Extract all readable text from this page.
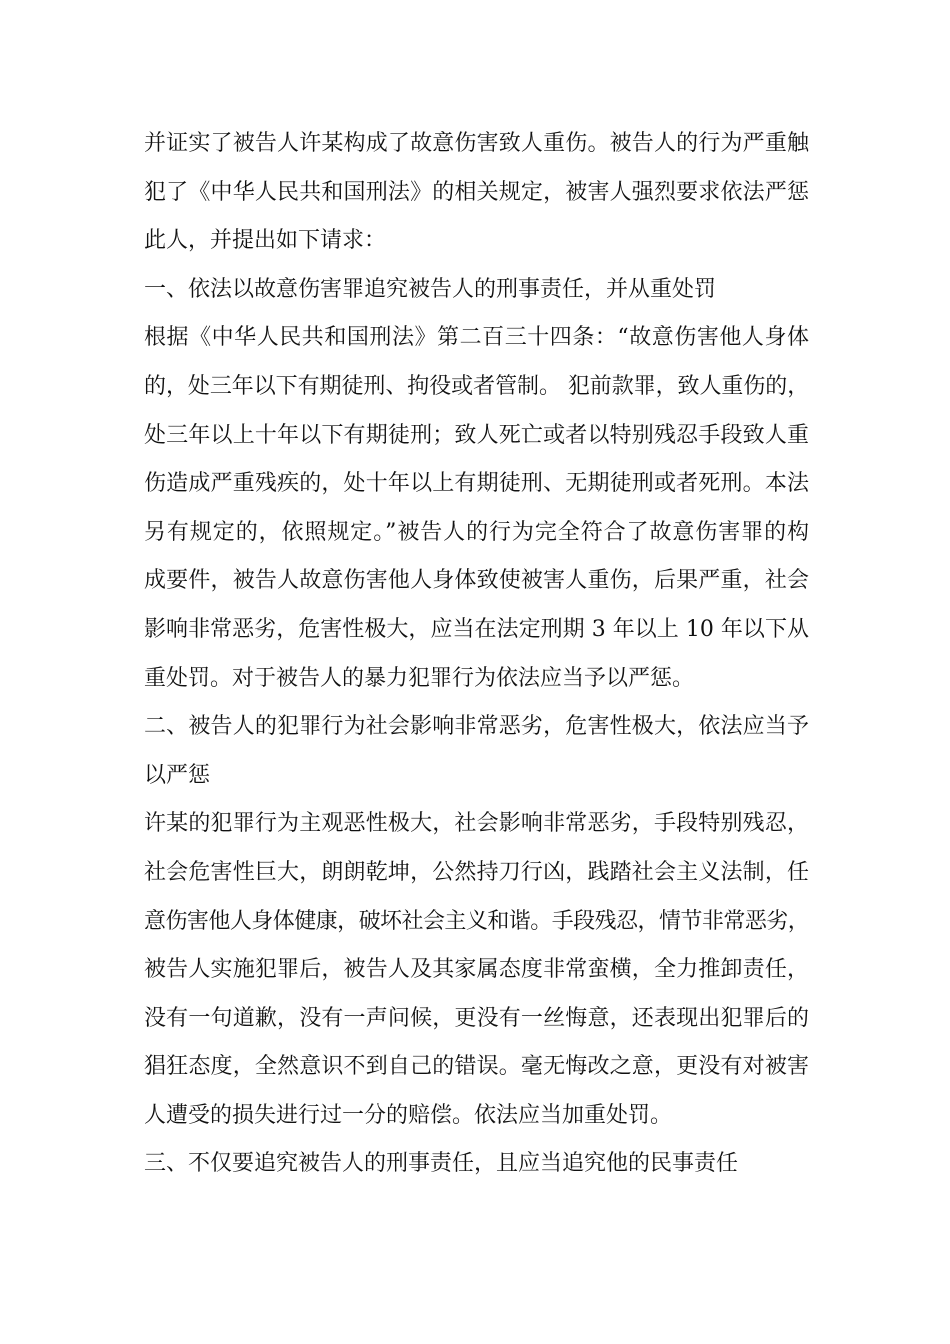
并证实了被告人许某构成了故意伤害致人重伤。被告人的行为严重触
犯了《中华人民共和国刑法》的相关规定，被害人强烈要求依法严惩
此人，并提出如下请求：
一、依法以故意伤害罪追究被告人的刑事责任，并从重处罚
根据《中华人民共和国刑法》第二百三十四条：“故意伤害他人身体
的，处三年以下有期徒刑、拘役或者管制。 犯前款罪，致人重伤的，
处三年以上十年以下有期徒刑；致人死亡或者以特别残忍手段致人重
伤造成严重残疾的，处十年以上有期徒刑、无期徒刑或者死刑。本法
另有规定的，依照规定。”被告人的行为完全符合了故意伤害罪的构
成要件，被告人故意伤害他人身体致使被害人重伤，后果严重，社会
影响非常恶劣，危害性极大，应当在法定刑期 3 年以上 10 年以下从
重处罚。对于被告人的暴力犯罪行为依法应当予以严惩。
二、被告人的犯罪行为社会影响非常恶劣，危害性极大，依法应当予
以严惩
许某的犯罪行为主观恶性极大，社会影响非常恶劣，手段特别残忍，
社会危害性巨大，朗朗乾坤，公然持刀行凶，践踏社会主义法制，任
意伤害他人身体健康，破坏社会主义和谐。手段残忍，情节非常恶劣，
被告人实施犯罪后，被告人及其家属态度非常蛮横，全力推卸责任，
没有一句道歉，没有一声问候，更没有一丝悔意，还表现出犯罪后的
猖狂态度，全然意识不到自己的错误。毫无悔改之意，更没有对被害
人遭受的损失进行过一分的赔偿。依法应当加重处罚。
三、不仅要追究被告人的刑事责任，且应当追究他的民事责任
